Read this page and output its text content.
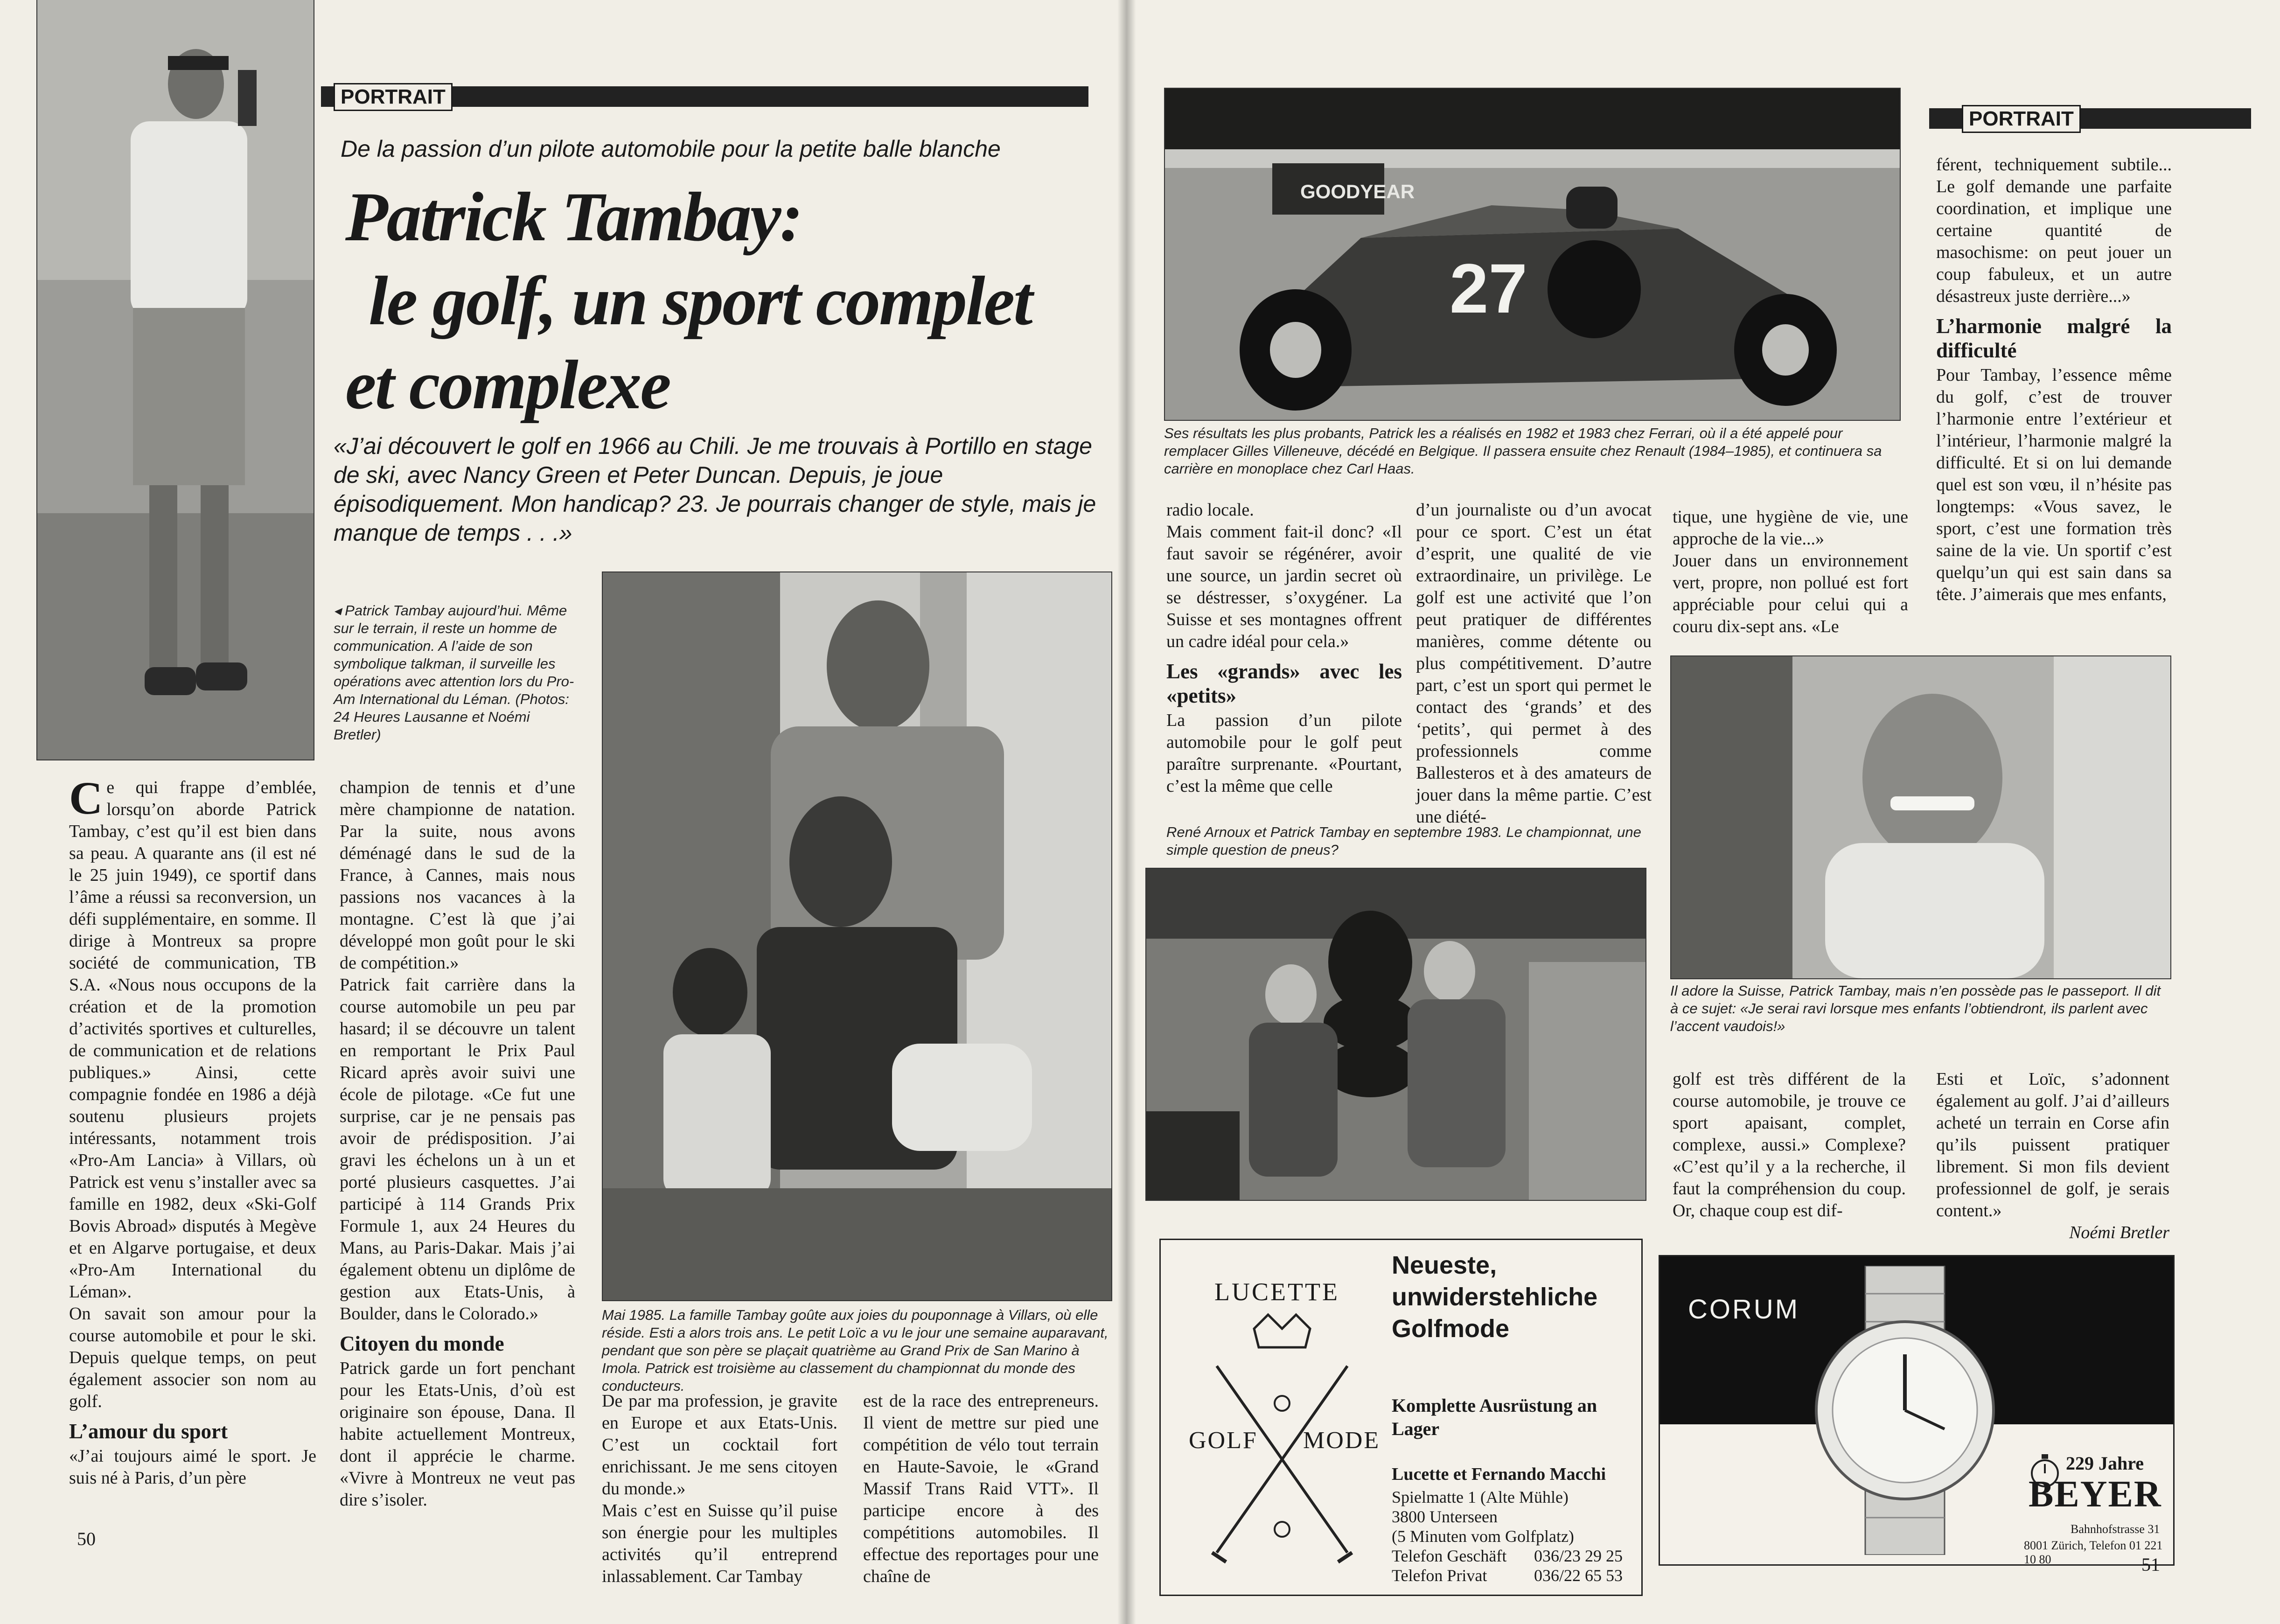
PORTRAIT
De la passion d’un pilote automobile pour la petite balle blanche
Patrick Tambay:
le golf, un sport complet
et complexe
«J’ai découvert le golf en 1966 au Chili. Je me trouvais à Portillo en stage de ski, avec Nancy Green et Peter Duncan. Depuis, je joue épisodiquement. Mon handicap? 23. Je pourrais changer de style, mais je manque de temps . . .»
◂ Patrick Tambay aujourd’hui. Même sur le terrain, il reste un homme de communication. A l’aide de son symbolique talkman, il surveille les opérations avec attention lors du Pro-Am International du Léman. (Photos: 24 Heures Lausanne et Noémi Bretler)
Mai 1985. La famille Tambay goûte aux joies du pouponnage à Villars, où elle réside. Esti a alors trois ans. Le petit Loïc a vu le jour une semaine auparavant, pendant que son père se plaçait quatrième au Grand Prix de San Marino à Imola. Patrick est troisième au classement du championnat du monde des conducteurs.

Ce qui frappe d’emblée, lorsqu’on aborde Patrick Tambay, c’est qu’il est bien dans sa peau. A quarante ans (il est né le 25 juin 1949), ce sportif dans l’âme a réussi sa reconversion, un défi supplémentaire, en somme. Il dirige à Montreux sa propre société de communication, TB S.A. «Nous nous occupons de la création et de la promotion d’activités sportives et culturelles, de communication et de relations publiques.» Ainsi, cette compagnie fondée en 1986 a déjà soutenu plusieurs projets intéressants, notamment trois «Pro-Am Lancia» à Villars, où Patrick est venu s’installer avec sa famille en 1982, deux «Ski-Golf Bovis Abroad» disputés à Megève et en Algarve portugaise, et deux «Pro-Am International du Léman».

On savait son amour pour la course automobile et pour le ski. Depuis quelque temps, on peut également associer son nom au golf.

L’amour du sport

«J’ai toujours aimé le sport. Je suis né à Paris, d’un père

champion de tennis et d’une mère championne de natation. Par la suite, nous avons déménagé dans le sud de la France, à Cannes, mais nous passions nos vacances à la montagne. C’est là que j’ai développé mon goût pour le ski de compétition.»

Patrick fait carrière dans la course automobile un peu par hasard; il se découvre un talent en remportant le Prix Paul Ricard après avoir suivi une école de pilotage. «Ce fut une surprise, car je ne pensais pas avoir de prédisposition. J’ai gravi les échelons un à un et porté plusieurs casquettes. J’ai participé à 114 Grands Prix Formule 1, aux 24 Heures du Mans, au Paris-Dakar. Mais j’ai également obtenu un diplôme de gestion aux Etats-Unis, à Boulder, dans le Colorado.»

Citoyen du monde

Patrick garde un fort penchant pour les Etats-Unis, d’où est originaire son épouse, Dana. Il habite actuellement Montreux, dont il apprécie le charme. «Vivre à Montreux ne veut pas dire s’isoler.

De par ma profession, je gravite en Europe et aux Etats-Unis. C’est un cocktail fort enrichissant. Je me sens citoyen du monde.»

Mais c’est en Suisse qu’il puise son énergie pour les multiples activités qu’il entreprend inlassablement. Car Tambay

est de la race des entrepreneurs. Il vient de mettre sur pied une compétition de vélo tout terrain en Haute-Savoie, le «Grand Massif Trans Raid VTT». Il participe encore à des compétitions automobiles. Il effectue des reportages pour une chaîne de

50
27
GOODYEAR
Ses résultats les plus probants, Patrick les a réalisés en 1982 et 1983 chez Ferrari, où il a été appelé pour remplacer Gilles Villeneuve, décédé en Belgique. Il passera ensuite chez Renault (1984–1985), et continuera sa carrière en monoplace chez Carl Haas.
PORTRAIT

radio locale.

Mais comment fait-il donc? «Il faut savoir se régénérer, avoir une source, un jardin secret où se déstresser, s’oxygéner. La Suisse et ses montagnes offrent un cadre idéal pour cela.»

Les «grands» avec les «petits»

La passion d’un pilote automobile pour le golf peut paraître surprenante. «Pourtant, c’est la même que celle

d’un journaliste ou d’un avocat pour ce sport. C’est un état d’esprit, une qualité de vie extraordinaire, un privilège. Le golf est une activité que l’on peut pratiquer de différentes manières, comme détente ou plus compétitivement. D’autre part, c’est un sport qui permet le contact des ‘grands’ et des ‘petits’, qui permet à des professionnels comme Ballesteros et à des amateurs de jouer dans la même partie. C’est une diété-

tique, une hygiène de vie, une approche de la vie...»

Jouer dans un environnement vert, propre, non pollué est fort appréciable pour celui qui a couru dix-sept ans. «Le

férent, techniquement subtile... Le golf demande une parfaite coordination, et implique une certaine quantité de masochisme: on peut jouer un coup fabuleux, et un autre désastreux juste derrière...»

L’harmonie malgré la difficulté

Pour Tambay, l’essence même du golf, c’est de trouver l’harmonie entre l’extérieur et l’intérieur, l’harmonie malgré la difficulté. Et si on lui demande quel est son vœu, il n’hésite pas longtemps: «Vous savez, le sport, c’est une formation très saine de la vie. Un sportif c’est quelqu’un qui est sain dans sa tête. J’aimerais que mes enfants,

René Arnoux et Patrick Tambay en septembre 1983. Le championnat, une simple question de pneus?
Il adore la Suisse, Patrick Tambay, mais n’en possède pas le passeport. Il dit à ce sujet: «Je serai ravi lorsque mes enfants l’obtiendront, ils parlent avec l’accent vaudois!»

golf est très différent de la course automobile, je trouve ce sport apaisant, complet, complexe, aussi.» Complexe? «C’est qu’il y a la recherche, il faut la compréhension du coup. Or, chaque coup est dif-

Esti et Loïc, s’adonnent également au golf. J’ai d’ailleurs acheté un terrain en Corse afin qu’ils puissent pratiquer librement. Si mon fils devient professionnel de golf, je serais content.»

Noémi Bretler

LUCETTE
GOLF MODE
Neueste, unwiderstehliche Golfmode
Komplette Ausrüstung an Lager
Lucette et Fernando Macchi
Spielmatte 1 (Alte Mühle)
3800 Unterseen
(5 Minuten vom Golfplatz)
Telefon Geschäft 036/23 29 25
Telefon Privat	036/22 65 53
CORUM
229 Jahre
BEYER
Bahnhofstrasse 31
8001 Zürich, Telefon 01 221 10 80	51
